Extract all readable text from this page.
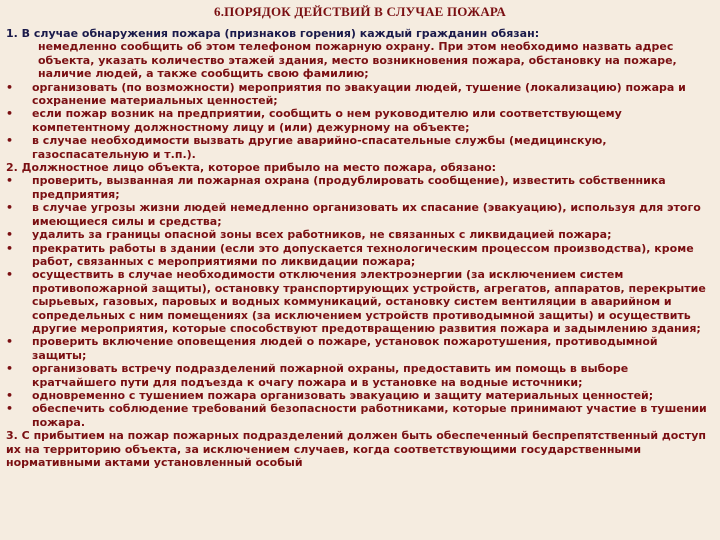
6.ПОРЯДОК ДЕЙСТВИЙ В СЛУЧАЕ ПОЖАРА
1. В случае обнаружения пожара (признаков горения) каждый гражданин обязан:
немедленно сообщить об этом телефоном пожарную охрану. При этом необходимо назвать адрес объекта, указать количество этажей здания, место возникновения пожара, обстановку на пожаре, наличие людей, а также сообщить свою фамилию;
• организовать (по возможности) мероприятия по эвакуации людей, тушение (локализацию) пожара и сохранение материальных ценностей;
• если пожар возник на предприятии, сообщить о нем руководителю или соответствующему компетентному должностному лицу и (или) дежурному на объекте;
• в случае необходимости вызвать другие аварийно-спасательные службы (медицинскую, газоспасательную и т.п.).
2. Должностное лицо объекта, которое прибыло на место пожара, обязано:
• проверить, вызванная ли пожарная охрана (продублировать сообщение), известить собственника предприятия;
• в случае угрозы жизни людей немедленно организовать их спасание (эвакуацию), используя для этого имеющиеся силы и средства;
• удалить за границы опасной зоны всех работников, не связанных с ликвидацией пожара;
• прекратить работы в здании (если это допускается технологическим процессом производства), кроме работ, связанных с мероприятиями по ликвидации пожара;
• осуществить в случае необходимости отключения электроэнергии (за исключением систем противопожарной защиты), остановку транспортирующих устройств, агрегатов, аппаратов, перекрытие сырьевых, газовых, паровых и водных коммуникаций, остановку систем вентиляции в аварийном и сопредельных с ним помещениях (за исключением устройств противодымной защиты) и осуществить другие мероприятия, которые способствуют предотвращению развития пожара и задымлению здания;
• проверить включение оповещения людей о пожаре, установок пожаротушения, противодымной защиты;
• организовать встречу подразделений пожарной охраны, предоставить им помощь в выборе кратчайшего пути для подъезда к очагу пожара и в установке на водные источники;
• одновременно с тушением пожара организовать эвакуацию и защиту материальных ценностей;
• обеспечить соблюдение требований безопасности работниками, которые принимают участие в тушении пожара.
3. С прибытием на пожар пожарных подразделений должен быть обеспеченный беспрепятственный доступ их на территорию объекта, за исключением случаев, когда соответствующими государственными нормативными актами установленный особый
